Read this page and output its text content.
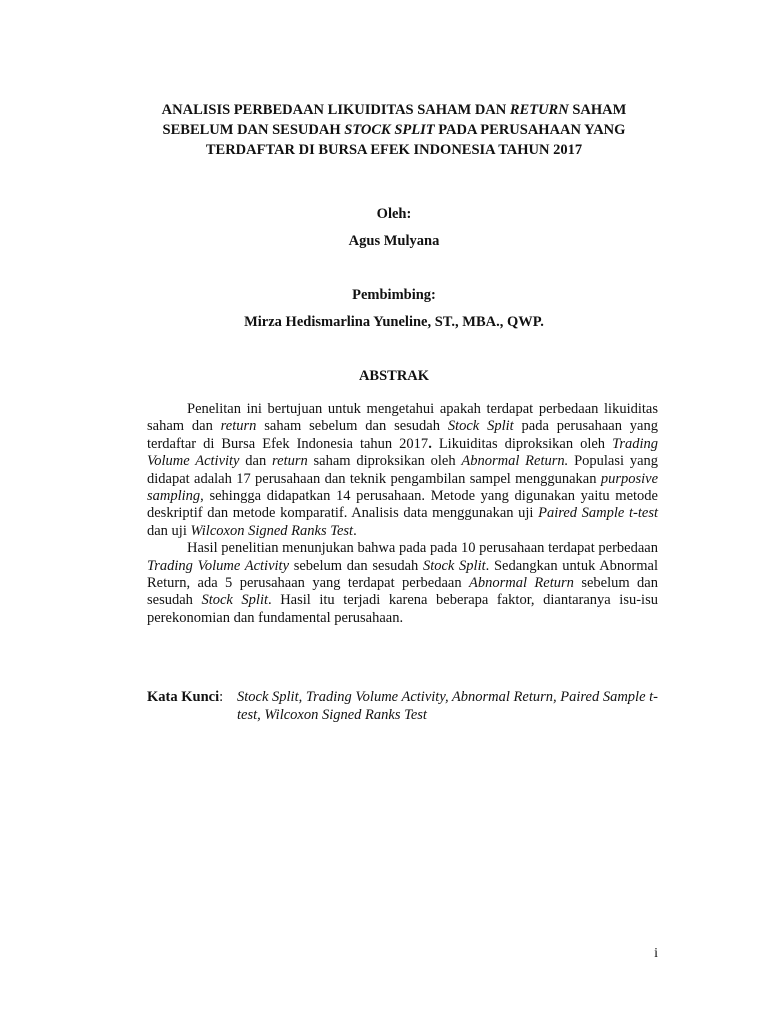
ANALISIS PERBEDAAN LIKUIDITAS SAHAM DAN RETURN SAHAM
SEBELUM DAN SESUDAH STOCK SPLIT PADA PERUSAHAAN YANG
TERDAFTAR DI BURSA EFEK INDONESIA TAHUN 2017

Oleh:

Agus Mulyana

Pembimbing:

Mirza Hedismarlina Yuneline, ST., MBA., QWP.

ABSTRAK

Penelitan ini bertujuan untuk mengetahui apakah terdapat perbedaan likuiditas saham dan return saham sebelum dan sesudah Stock Split pada perusahaan yang terdaftar di Bursa Efek Indonesia tahun 2017. Likuiditas diproksikan oleh Trading Volume Activity dan return saham diproksikan oleh Abnormal Return. Populasi yang didapat adalah 17 perusahaan dan teknik pengambilan sampel menggunakan purposive sampling, sehingga didapatkan 14 perusahaan. Metode yang digunakan yaitu metode deskriptif dan metode komparatif. Analisis data menggunakan uji Paired Sample t-test dan uji Wilcoxon Signed Ranks Test.

Hasil penelitian menunjukan bahwa pada pada 10 perusahaan terdapat perbedaan Trading Volume Activity sebelum dan sesudah Stock Split. Sedangkan untuk Abnormal Return, ada 5 perusahaan yang terdapat perbedaan Abnormal Return sebelum dan sesudah Stock Split. Hasil itu terjadi karena beberapa faktor, diantaranya isu-isu perekonomian dan fundamental perusahaan.

Kata Kunci: Stock Split, Trading Volume Activity, Abnormal Return, Paired Sample t-test, Wilcoxon Signed Ranks Test
i
